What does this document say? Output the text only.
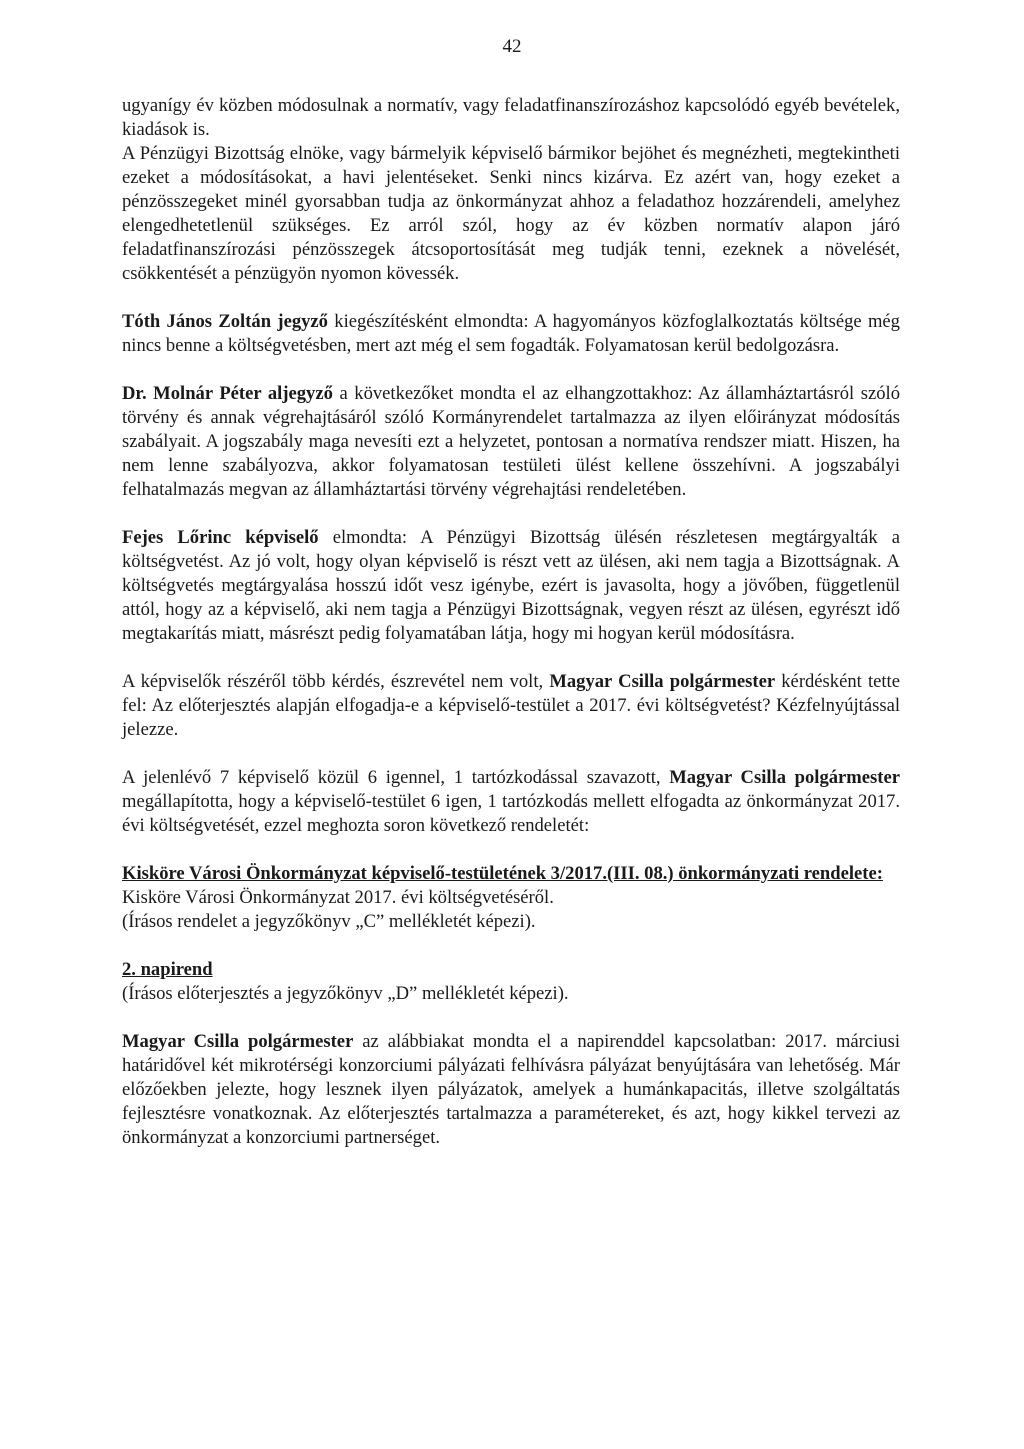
42

ugyanígy év közben módosulnak a normatív, vagy feladatfinanszírozáshoz kapcsolódó egyéb bevételek, kiadások is.

A Pénzügyi Bizottság elnöke, vagy bármelyik képviselő bármikor bejöhet és megnézheti, megtekintheti ezeket a módosításokat, a havi jelentéseket. Senki nincs kizárva. Ez azért van, hogy ezeket a pénzösszegeket minél gyorsabban tudja az önkormányzat ahhoz a feladathoz hozzárendeli, amelyhez elengedhetetlenül szükséges. Ez arról szól, hogy az év közben normatív alapon járó feladatfinanszírozási pénzösszegek átcsoportosítását meg tudják tenni, ezeknek a növelését, csökkentését a pénzügyön nyomon kövessék.

Tóth János Zoltán jegyző kiegészítésként elmondta: A hagyományos közfoglalkoztatás költsége még nincs benne a költségvetésben, mert azt még el sem fogadták. Folyamatosan kerül bedolgozásra.

Dr. Molnár Péter aljegyző a következőket mondta el az elhangzottakhoz: Az államháztartásról szóló törvény és annak végrehajtásáról szóló Kormányrendelet tartalmazza az ilyen előirányzat módosítás szabályait. A jogszabály maga nevesíti ezt a helyzetet, pontosan a normatíva rendszer miatt. Hiszen, ha nem lenne szabályozva, akkor folyamatosan testületi ülést kellene összehívni. A jogszabályi felhatalmazás megvan az államháztartási törvény végrehajtási rendeletében.

Fejes Lőrinc képviselő elmondta: A Pénzügyi Bizottság ülésén részletesen megtárgyalták a költségvetést. Az jó volt, hogy olyan képviselő is részt vett az ülésen, aki nem tagja a Bizottságnak. A költségvetés megtárgyalása hosszú időt vesz igénybe, ezért is javasolta, hogy a jövőben, függetlenül attól, hogy az a képviselő, aki nem tagja a Pénzügyi Bizottságnak, vegyen részt az ülésen, egyrészt idő megtakarítás miatt, másrészt pedig folyamatában látja, hogy mi hogyan kerül módosításra.

A képviselők részéről több kérdés, észrevétel nem volt, Magyar Csilla polgármester kérdésként tette fel: Az előterjesztés alapján elfogadja-e a képviselő-testület a 2017. évi költségvetést? Kézfelnyújtással jelezze.

A jelenlévő 7 képviselő közül 6 igennel, 1 tartózkodással szavazott, Magyar Csilla polgármester megállapította, hogy a képviselő-testület 6 igen, 1 tartózkodás mellett elfogadta az önkormányzat 2017. évi költségvetését, ezzel meghozta soron következő rendeletét:

Kisköre Városi Önkormányzat képviselő-testületének 3/2017.(III. 08.) önkormányzati rendelete:

Kisköre Városi Önkormányzat 2017. évi költségvetéséről.

(Írásos rendelet a jegyzőkönyv „C” mellékletét képezi).

2. napirend

(Írásos előterjesztés a jegyzőkönyv „D” mellékletét képezi).

Magyar Csilla polgármester az alábbiakat mondta el a napirenddel kapcsolatban: 2017. márciusi határidővel két mikrotérségi konzorciumi pályázati felhívásra pályázat benyújtására van lehetőség. Már előzőekben jelezte, hogy lesznek ilyen pályázatok, amelyek a humánkapacitás, illetve szolgáltatás fejlesztésre vonatkoznak. Az előterjesztés tartalmazza a paramétereket, és azt, hogy kikkel tervezi az önkormányzat a konzorciumi partnerséget.
